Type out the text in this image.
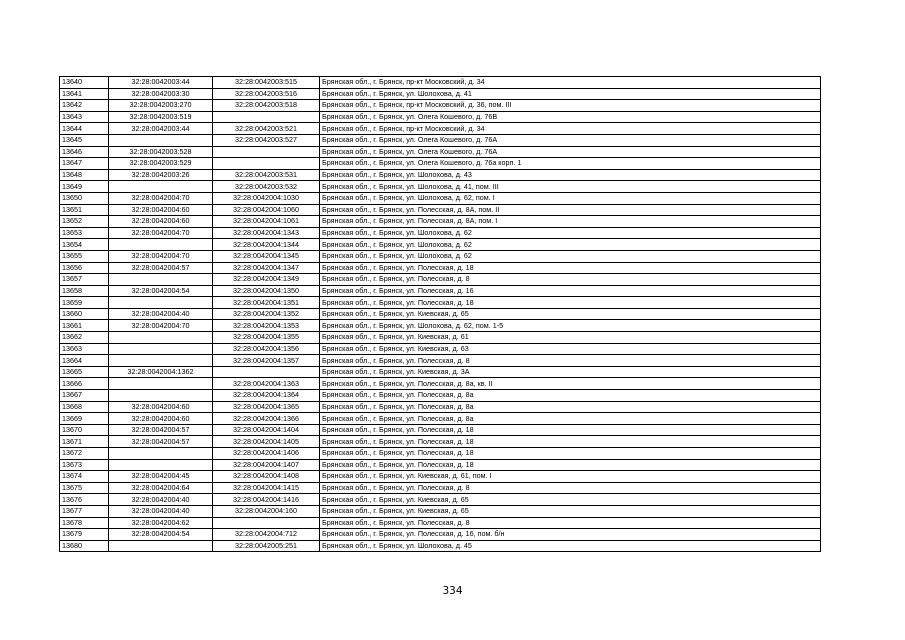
13640	32:28:0042003:44	32:28:0042003:515	Брянская обл., г. Брянск, пр-кт Московский, д. 34
13641	32:28:0042003:30	32:28:0042003:516	Брянская обл., г. Брянск, ул. Шолохова, д. 41
13642	32:28:0042003:270	32:28:0042003:518	Брянская обл., г. Брянск, пр-кт Московский, д. 36, пом. III
13643	32:28:0042003:519		Брянская обл., г. Брянск, ул. Олега Кошевого, д. 76В
13644	32:28:0042003:44	32:28:0042003:521	Брянская обл., г. Брянск, пр-кт Московский, д. 34
13645		32:28:0042003:527	Брянская обл., г. Брянск, ул. Олега Кошевого, д. 76А
13646	32:28:0042003:528		Брянская обл., г. Брянск, ул. Олега Кошевого, д. 76А
13647	32:28:0042003:529		Брянская обл., г. Брянск, ул. Олега Кошевого, д. 76а корп. 1
13648	32:28:0042003:26	32:28:0042003:531	Брянская обл., г. Брянск, ул. Шолохова, д. 43
13649		32:28:0042003:532	Брянская обл., г. Брянск, ул. Шолохова, д. 41, пом. III
13650	32:28:0042004:70	32:28:0042004:1030	Брянская обл., г. Брянск, ул. Шолохова, д. 62, пом. I
13651	32:28:0042004:60	32:28:0042004:1060	Брянская обл., г. Брянск, ул. Полесская, д. 8А, пом. II
13652	32:28:0042004:60	32:28:0042004:1061	Брянская обл., г. Брянск, ул. Полесская, д. 8А, пом. I
13653	32:28:0042004:70	32:28:0042004:1343	Брянская обл., г. Брянск, ул. Шолохова, д. 62
13654		32:28:0042004:1344	Брянская обл., г. Брянск, ул. Шолохова, д. 62
13655	32:28:0042004:70	32:28:0042004:1345	Брянская обл., г. Брянск, ул. Шолохова, д. 62
13656	32:28:0042004:57	32:28:0042004:1347	Брянская обл., г. Брянск, ул. Полесская, д. 18
13657		32:28:0042004:1349	Брянская обл., г. Брянск, ул. Полесская, д. 8
13658	32:28:0042004:54	32:28:0042004:1350	Брянская обл., г. Брянск, ул. Полесская, д. 16
13659		32:28:0042004:1351	Брянская обл., г. Брянск, ул. Полесская, д. 18
13660	32:28:0042004:40	32:28:0042004:1352	Брянская обл., г. Брянск, ул. Киевская, д. 65
13661	32:28:0042004:70	32:28:0042004:1353	Брянская обл., г. Брянск, ул. Шолохова, д. 62, пом. 1-5
13662		32:28:0042004:1355	Брянская обл., г. Брянск, ул. Киевская, д. 61
13663		32:28:0042004:1356	Брянская обл., г. Брянск, ул. Киевская, д. 63
13664		32:28:0042004:1357	Брянская обл., г. Брянск, ул. Полесская, д. 8
13665	32:28:0042004:1362		Брянская обл., г. Брянск, ул. Киевская, д. 3А
13666		32:28:0042004:1363	Брянская обл., г. Брянск, ул. Полесская, д. 8а, кв. II
13667		32:28:0042004:1364	Брянская обл., г. Брянск, ул. Полесская, д. 8а
13668	32:28:0042004:60	32:28:0042004:1365	Брянская обл., г. Брянск, ул. Полесская, д. 8а
13669	32:28:0042004:60	32:28:0042004:1366	Брянская обл., г. Брянск, ул. Полесская, д. 8а
13670	32:28:0042004:57	32:28:0042004:1404	Брянская обл., г. Брянск, ул. Полесская, д. 18
13671	32:28:0042004:57	32:28:0042004:1405	Брянская обл., г. Брянск, ул. Полесская, д. 18
13672		32:28:0042004:1406	Брянская обл., г. Брянск, ул. Полесская, д. 18
13673		32:28:0042004:1407	Брянская обл., г. Брянск, ул. Полесская, д. 18
13674	32:28:0042004:45	32:28:0042004:1408	Брянская обл., г. Брянск, ул. Киевская, д. 61, пом. I
13675	32:28:0042004:64	32:28:0042004:1415	Брянская обл., г. Брянск, ул. Полесская, д. 8
13676	32:28:0042004:40	32:28:0042004:1416	Брянская обл., г. Брянск, ул. Киевская, д. 65
13677	32:28:0042004:40	32:28:0042004:160	Брянская обл., г. Брянск, ул. Киевская, д. 65
13678	32:28:0042004:62		Брянская обл., г. Брянск, ул. Полесская, д. 8
13679	32:28:0042004:54	32:28:0042004:712	Брянская обл., г. Брянск, ул. Полесская, д. 16, пом. б/н
13680		32:28:0042005:251	Брянская обл., г. Брянск, ул. Шолохова, д. 45
334
